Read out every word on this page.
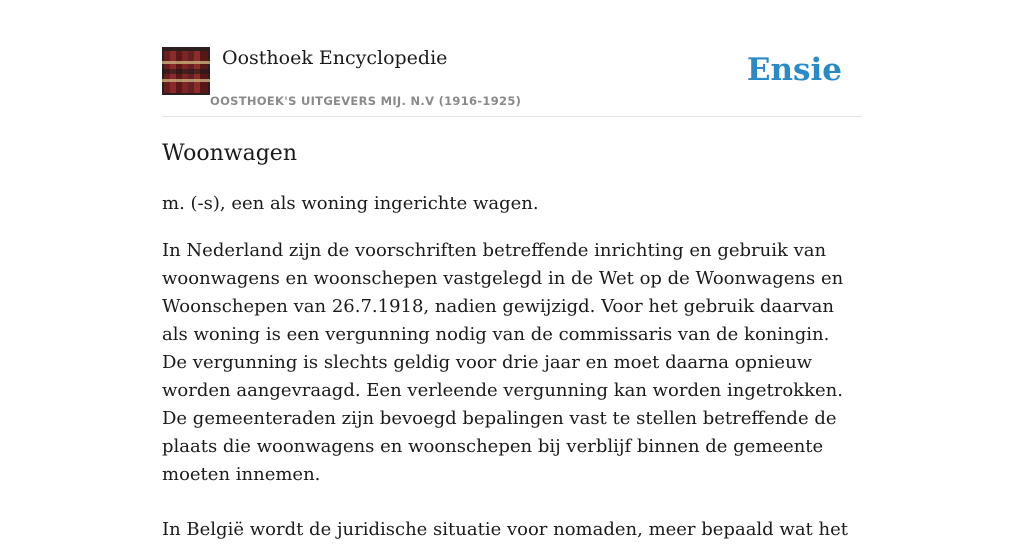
Oosthoek Encyclopedie
OOSTHOEK'S UITGEVERS MIJ. N.V (1916-1925)
Ensie
Woonwagen

m. (-s), een als woning ingerichte wagen.

In Nederland zijn de voorschriften betreffende inrichting en gebruik van woonwagens en woonschepen vastgelegd in de Wet op de Woonwagens en Woonschepen van 26.7.1918, nadien gewijzigd. Voor het gebruik daarvan als woning is een vergunning nodig van de commissaris van de koningin. De vergunning is slechts geldig voor drie jaar en moet daarna opnieuw worden aangevraagd. Een verleende vergunning kan worden ingetrokken. De gemeenteraden zijn bevoegd bepalingen vast te stellen betreffende de plaats die woonwagens en woonschepen bij verblijf binnen de gemeente moeten innemen.

In België wordt de juridische situatie voor nomaden, meer bepaald wat het
